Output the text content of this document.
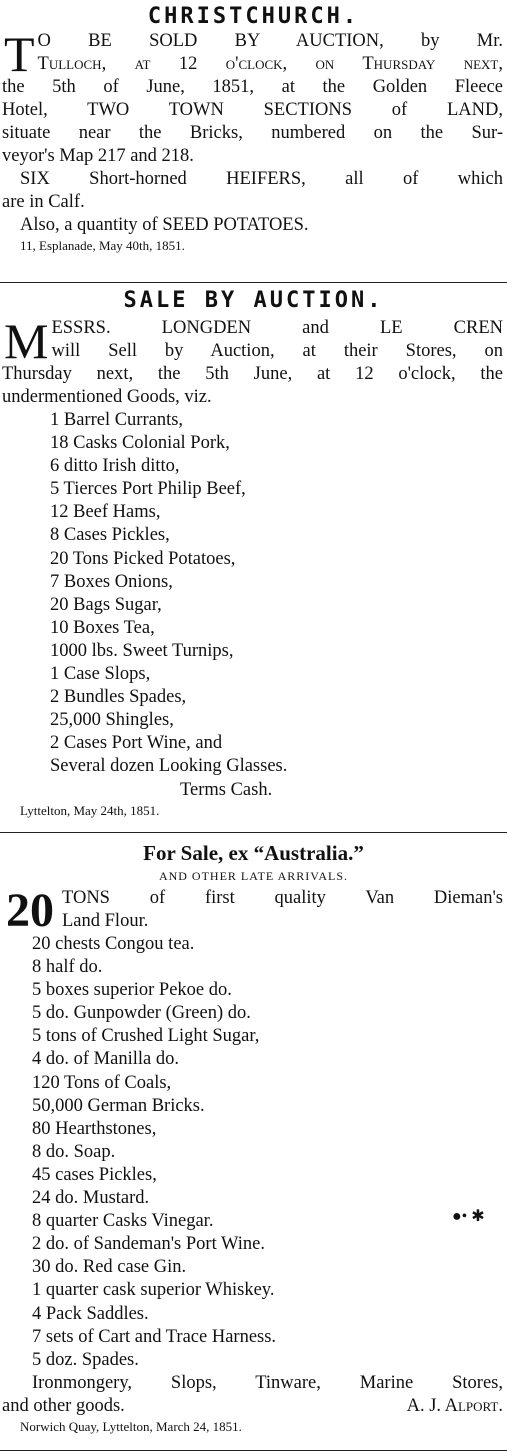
CHRISTCHURCH.
T O BE SOLD BY AUCTION, by Mr.

Tulloch, at 12 o'clock, on Thursday next,

the 5th of June, 1851, at the Golden Fleece

Hotel, TWO TOWN SECTIONS of LAND,

situate near the Bricks, numbered on the Sur-

veyor's Map 217 and 218.

SIX Short-horned HEIFERS, all of which

are in Calf.

Also, a quantity of SEED POTATOES.

11, Esplanade, May 40th, 1851.

SALE BY AUCTION.
M ESSRS. LONGDEN and LE CREN

will Sell by Auction, at their Stores, on

Thursday next, the 5th June, at 12 o'clock, the

undermentioned Goods, viz.

1 Barrel Currants,
18 Casks Colonial Pork,
6 ditto Irish ditto,
5 Tierces Port Philip Beef,
12 Beef Hams,
8 Cases Pickles,
20 Tons Picked Potatoes,
7 Boxes Onions,
20 Bags Sugar,
10 Boxes Tea,
1000 lbs. Sweet Turnips,
1 Case Slops,
2 Bundles Spades,
25,000 Shingles,
2 Cases Port Wine, and
Several dozen Looking Glasses.

Terms Cash.

Lyttelton, May 24th, 1851.

For Sale, ex “Australia.”
AND OTHER LATE ARRIVALS.
20 TONS of first quality Van Dieman's

Land Flour.

20 chests Congou tea.
8 half do.
5 boxes superior Pekoe do.
5 do. Gunpowder (Green) do.
5 tons of Crushed Light Sugar,
4 do. of Manilla do.
120 Tons of Coals,
50,000 German Bricks.
80 Hearthstones,
8 do. Soap.
45 cases Pickles,
24 do. Mustard.
8 quarter Casks Vinegar.
2 do. of Sandeman's Port Wine.
30 do. Red case Gin.
1 quarter cask superior Whiskey.
4 Pack Saddles.
7 sets of Cart and Trace Harness.
5 doz. Spades.

Ironmongery, Slops, Tinware, Marine Stores,

and other goods.	A. J. Alport.

Norwich Quay, Lyttelton, March 24, 1851.

●• ✱
